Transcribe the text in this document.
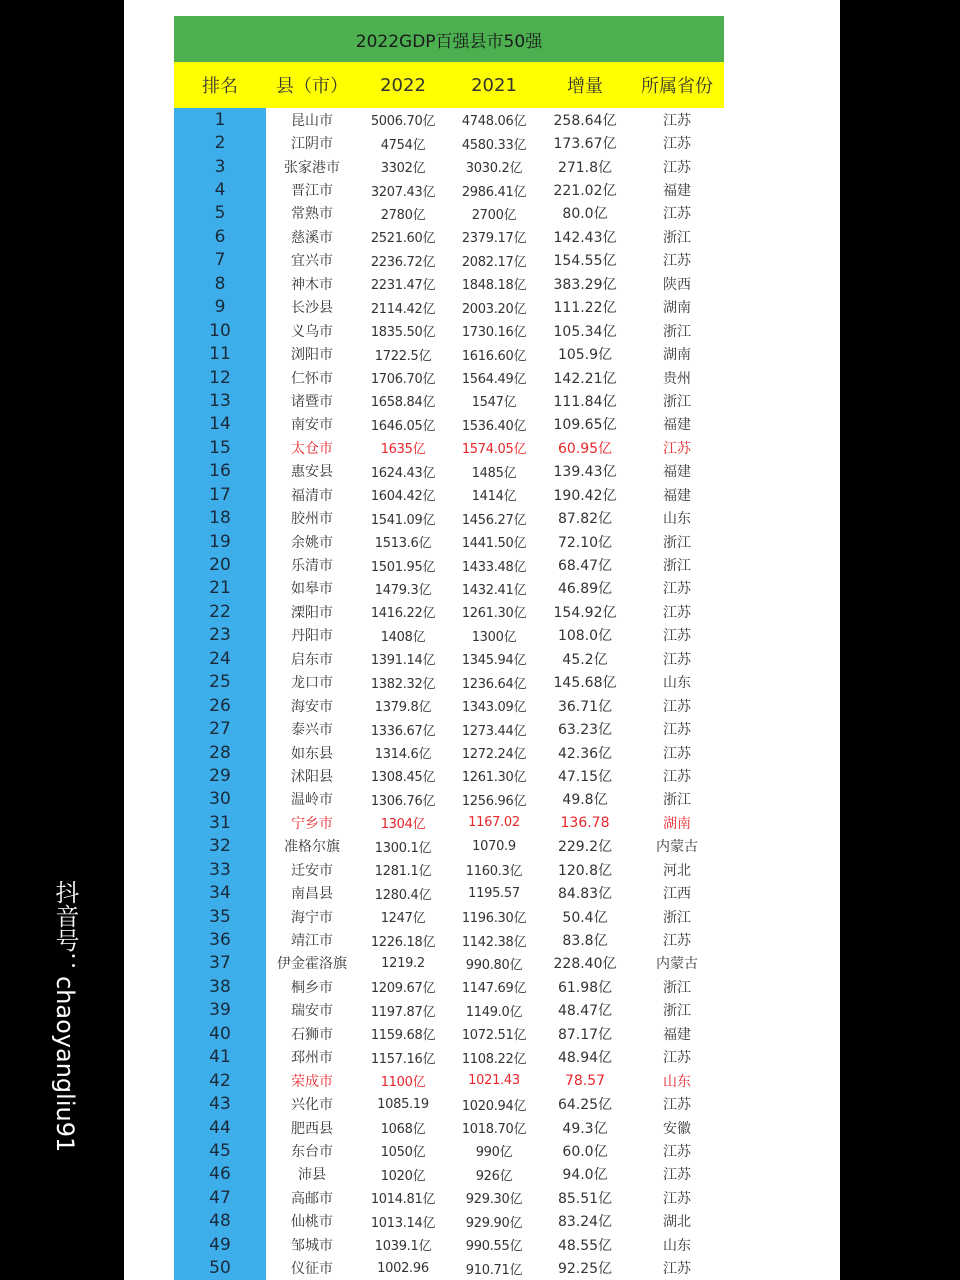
2022GDP百强县市50强
排名	县（市）	2022	2021	增量	所属省份
1	昆山市	5006.70亿	4748.06亿	258.64亿	江苏
2	江阴市	4754亿	4580.33亿	173.67亿	江苏
3	张家港市	3302亿	3030.2亿	271.8亿	江苏
4	晋江市	3207.43亿	2986.41亿	221.02亿	福建
5	常熟市	2780亿	2700亿	80.0亿	江苏
6	慈溪市	2521.60亿	2379.17亿	142.43亿	浙江
7	宜兴市	2236.72亿	2082.17亿	154.55亿	江苏
8	神木市	2231.47亿	1848.18亿	383.29亿	陕西
9	长沙县	2114.42亿	2003.20亿	111.22亿	湖南
10	义乌市	1835.50亿	1730.16亿	105.34亿	浙江
11	浏阳市	1722.5亿	1616.60亿	105.9亿	湖南
12	仁怀市	1706.70亿	1564.49亿	142.21亿	贵州
13	诸暨市	1658.84亿	1547亿	111.84亿	浙江
14	南安市	1646.05亿	1536.40亿	109.65亿	福建
15	太仓市	1635亿	1574.05亿	60.95亿	江苏
16	惠安县	1624.43亿	1485亿	139.43亿	福建
17	福清市	1604.42亿	1414亿	190.42亿	福建
18	胶州市	1541.09亿	1456.27亿	87.82亿	山东
19	余姚市	1513.6亿	1441.50亿	72.10亿	浙江
20	乐清市	1501.95亿	1433.48亿	68.47亿	浙江
21	如皋市	1479.3亿	1432.41亿	46.89亿	江苏
22	溧阳市	1416.22亿	1261.30亿	154.92亿	江苏
23	丹阳市	1408亿	1300亿	108.0亿	江苏
24	启东市	1391.14亿	1345.94亿	45.2亿	江苏
25	龙口市	1382.32亿	1236.64亿	145.68亿	山东
26	海安市	1379.8亿	1343.09亿	36.71亿	江苏
27	泰兴市	1336.67亿	1273.44亿	63.23亿	江苏
28	如东县	1314.6亿	1272.24亿	42.36亿	江苏
29	沭阳县	1308.45亿	1261.30亿	47.15亿	江苏
30	温岭市	1306.76亿	1256.96亿	49.8亿	浙江
31	宁乡市	1304亿	1167.02	136.78	湖南
32	准格尔旗	1300.1亿	1070.9	229.2亿	内蒙古
33	迁安市	1281.1亿	1160.3亿	120.8亿	河北
34	南昌县	1280.4亿	1195.57	84.83亿	江西
35	海宁市	1247亿	1196.30亿	50.4亿	浙江
36	靖江市	1226.18亿	1142.38亿	83.8亿	江苏
37	伊金霍洛旗	1219.2	990.80亿	228.40亿	内蒙古
38	桐乡市	1209.67亿	1147.69亿	61.98亿	浙江
39	瑞安市	1197.87亿	1149.0亿	48.47亿	浙江
40	石狮市	1159.68亿	1072.51亿	87.17亿	福建
41	邳州市	1157.16亿	1108.22亿	48.94亿	江苏
42	荣成市	1100亿	1021.43	78.57	山东
43	兴化市	1085.19	1020.94亿	64.25亿	江苏
44	肥西县	1068亿	1018.70亿	49.3亿	安徽
45	东台市	1050亿	990亿	60.0亿	江苏
46	沛县	1020亿	926亿	94.0亿	江苏
47	高邮市	1014.81亿	929.30亿	85.51亿	江苏
48	仙桃市	1013.14亿	929.90亿	83.24亿	湖北
49	邹城市	1039.1亿	990.55亿	48.55亿	山东
50	仪征市	1002.96	910.71亿	92.25亿	江苏
抖音号：chaoyangliu91
